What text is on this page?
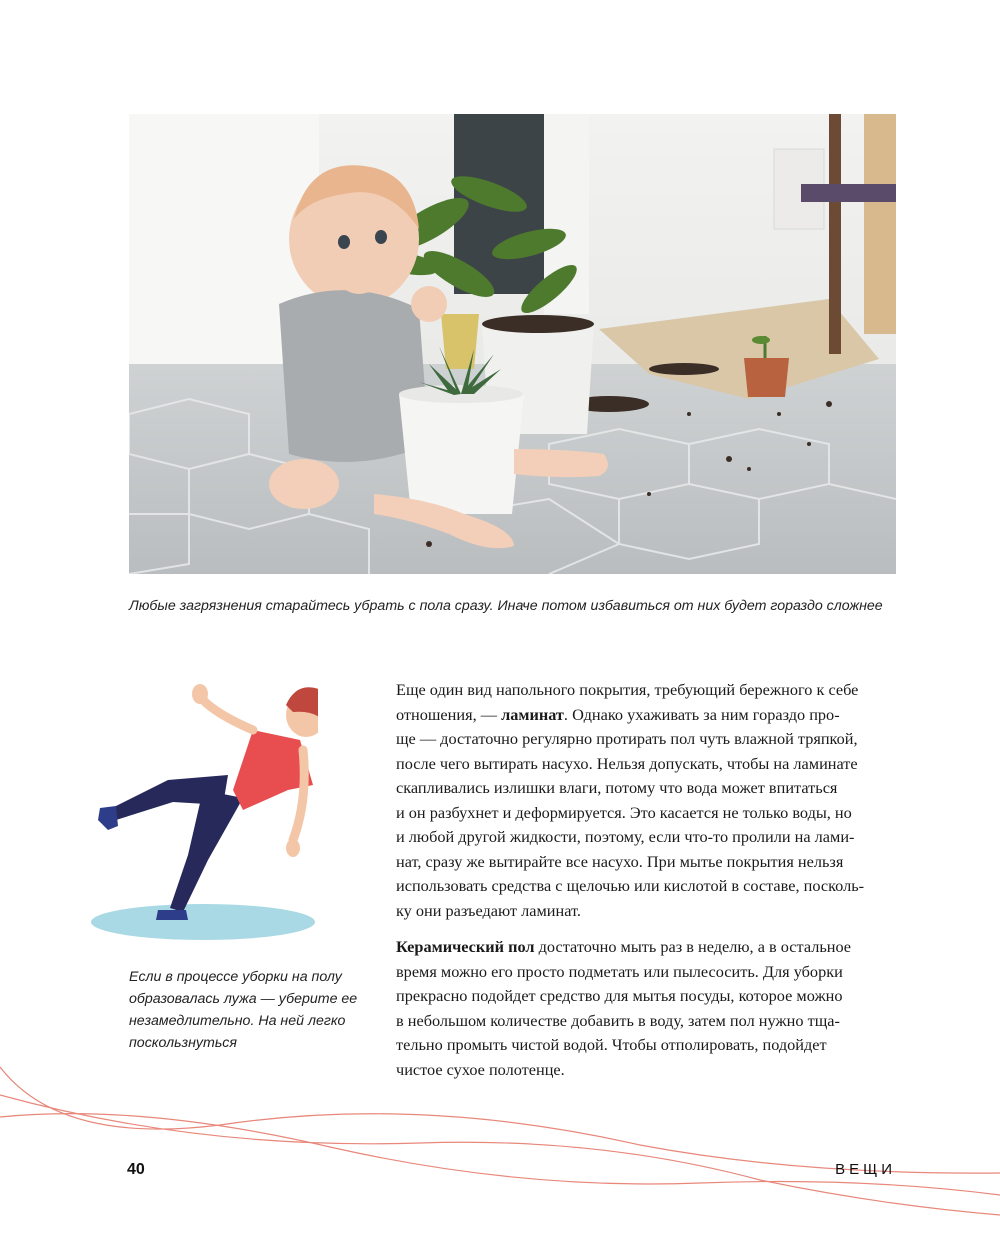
Любые загрязнения старайтесь убрать с пола сразу. Иначе потом избавиться от них будет гораздо сложнее
Если в процессе уборки на полу
образовалась лужа — уберите ее
незамедлительно. На ней легко
поскользнуться
Еще один вид напольного покрытия, требующий бережного к себе
отношения, — ламинат. Однако ухаживать за ним гораздо про-
ще — достаточно регулярно протирать пол чуть влажной тряпкой,
после чего вытирать насухо. Нельзя допускать, чтобы на ламинате
скапливались излишки влаги, потому что вода может впитаться
и он разбухнет и деформируется. Это касается не только воды, но
и любой другой жидкости, поэтому, если что-то пролили на лами-
нат, сразу же вытирайте все насухо. При мытье покрытия нельзя
использовать средства с щелочью или кислотой в составе, посколь-
ку они разъедают ламинат.
Керамический пол достаточно мыть раз в неделю, а в остальное
время можно его просто подметать или пылесосить. Для уборки
прекрасно подойдет средство для мытья посуды, которое можно
в небольшом количестве добавить в воду, затем пол нужно тща-
тельно промыть чистой водой. Чтобы отполировать, подойдет
чистое сухое полотенце.
40	ВЕЩИ
